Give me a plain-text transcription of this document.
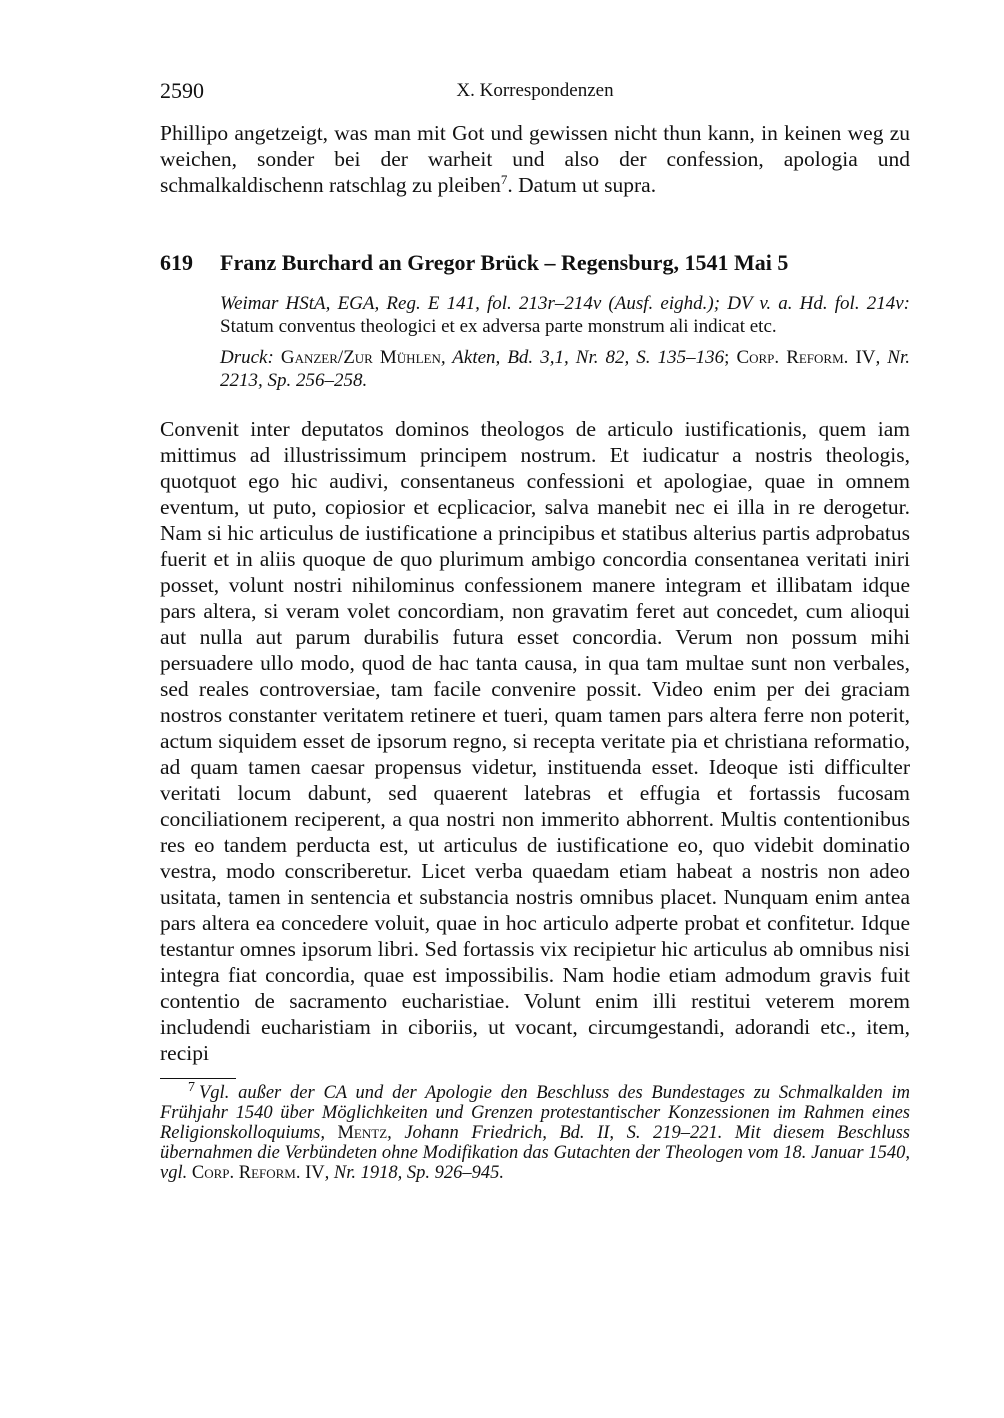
2590	X. Korrespondenzen

Phillipo angetzeigt, was man mit Got und gewissen nicht thun kann, in keinen weg zu weichen, sonder bei der warheit und also der confession, apologia und schmalkaldischenn ratschlag zu pleiben$^7$. Datum ut supra.

619	Franz Burchard an Gregor Brück – Regensburg, 1541 Mai 5

Weimar HStA, EGA, Reg. E 141, fol. 213r–214v (Ausf. eighd.); DV v. a. Hd. fol. 214v: Statum conventus theologici et ex adversa parte monstrum ali indicat etc.

Druck: Ganzer/Zur Mühlen, Akten, Bd. 3,1, Nr. 82, S. 135–136; Corp. Reform. IV, Nr. 2213, Sp. 256–258.

Convenit inter deputatos dominos theologos de articulo iustificationis, quem iam mittimus ad illustrissimum principem nostrum. Et iudicatur a nostris theologis, quotquot ego hic audivi, consentaneus confessioni et apologiae, quae in omnem eventum, ut puto, copiosior et ecplicacior, salva manebit nec ei illa in re derogetur. Nam si hic articulus de iustificatione a principibus et statibus alterius partis adprobatus fuerit et in aliis quoque de quo plurimum ambigo concordia consentanea veritati iniri posset, volunt nostri nihilominus confessionem manere integram et illibatam idque pars altera, si veram volet concordiam, non gravatim feret aut concedet, cum alioqui aut nulla aut parum durabilis futura esset concordia. Verum non possum mihi persuadere ullo modo, quod de hac tanta causa, in qua tam multae sunt non verbales, sed reales controversiae, tam facile convenire possit. Video enim per dei graciam nostros constanter veritatem retinere et tueri, quam tamen pars altera ferre non poterit, actum siquidem esset de ipsorum regno, si recepta veritate pia et christiana reformatio, ad quam tamen caesar propensus videtur, instituenda esset. Ideoque isti difficulter veritati locum dabunt, sed quaerent latebras et effugia et fortassis fucosam conciliationem reciperent, a qua nostri non immerito abhorrent. Multis contentionibus res eo tandem perducta est, ut articulus de iustificatione eo, quo videbit dominatio vestra, modo conscriberetur. Licet verba quaedam etiam habeat a nostris non adeo usitata, tamen in sentencia et substancia nostris omnibus placet. Nunquam enim antea pars altera ea concedere voluit, quae in hoc articulo adperte probat et confitetur. Idque testantur omnes ipsorum libri. Sed fortassis vix recipietur hic articulus ab omnibus nisi integra fiat concordia, quae est impossibilis. Nam hodie etiam admodum gravis fuit contentio de sacramento eucharistiae. Volunt enim illi restitui veterem morem includendi eucharistiam in ciboriis, ut vocant, circumgestandi, adorandi etc., item, recipi

$^7$ Vgl. außer der CA und der Apologie den Beschluss des Bundestages zu Schmalkalden im Frühjahr 1540 über Möglichkeiten und Grenzen protestantischer Konzessionen im Rahmen eines Religionskolloquiums, Mentz, Johann Friedrich, Bd. II, S. 219–221. Mit diesem Beschluss übernahmen die Verbündeten ohne Modifikation das Gutachten der Theologen vom 18. Januar 1540, vgl. Corp. Reform. IV, Nr. 1918, Sp. 926–945.
